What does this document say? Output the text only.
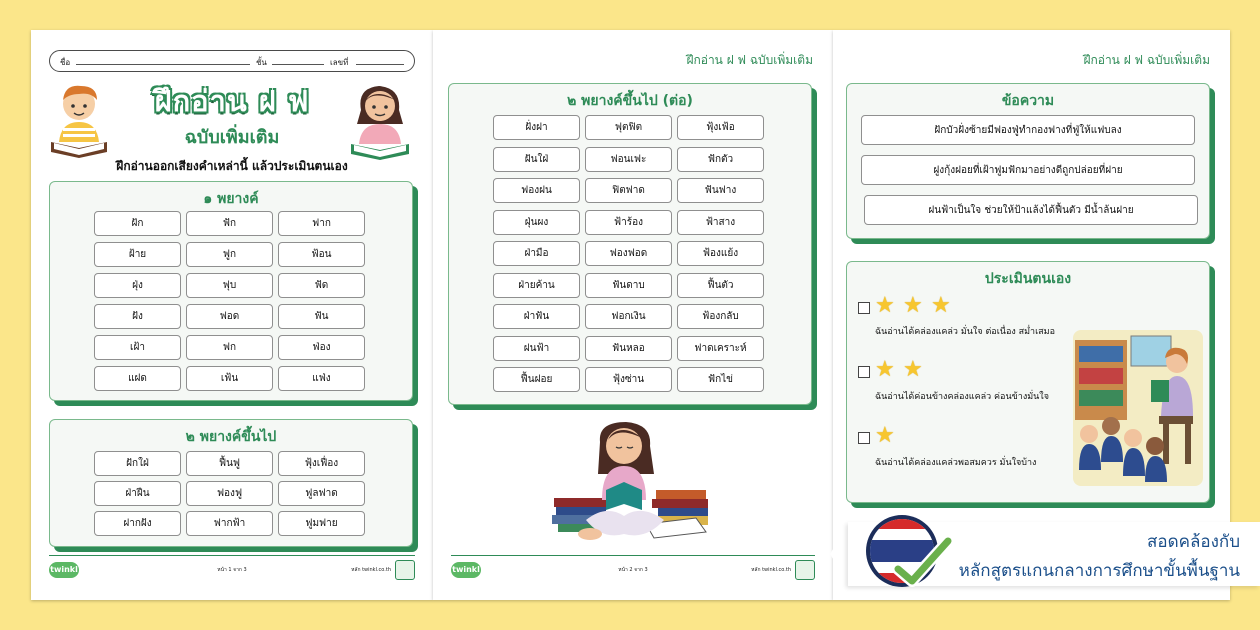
ชื่อ	ชั้น	เลขที่
ฝึกอ่าน ฝ ฟ
ฉบับเพิ่มเติม
ฝึกอ่านออกเสียงคำเหล่านี้ แล้วประเมินตนเอง
๑ พยางค์
ฝัก	ฟัก	ฟาก
ฝ้าย	ฟูก	ฟ้อน
ฝุ่ง	ฟุบ	ฟัด
ฝัง	ฟอด	ฟัน
เฝ้า	ฟก	ฟ่อง
แฝด	เฟ้น	แฟ่ง
๒ พยางค์ขึ้นไป
ฝักใฝ่	ฟื้นฟู	ฟุ้งเฟื่อง
ฝ่าฝืน	ฟองฟู	ฟูลฟาด
ฝากฝัง	ฟากฟ้า	ฟูมฟาย
twinkl	หน้า 1 จาก 3	หลัก twinkl.co.th
ฝึกอ่าน ฝ ฟ ฉบับเพิ่มเติม
๒ พยางค์ขึ้นไป (ต่อ)
ฝั่งฝา	ฟุตฟิต	ฟุ้งเฟ้อ
ฝันใฝ่	ฟอนเฟะ	ฟักตัว
ฟองฝน	ฟิตฟาด	ฟันฟาง
ฝุ่นผง	ฟ้าร้อง	ฟ้าสาง
ฝ่ามือ	ฟองฟอด	ฟ้องแย้ง
ฝ่ายค้าน	ฟันดาบ	ฟื้นตัว
ฝ่าฟัน	ฟอกเงิน	ฟ้องกลับ
ฝนฟ้า	ฟันหลอ	ฟาดเคราะห์
ฟื้นฝอย	ฟุ้งซ่าน	ฟักไข่
twinkl	หน้า 2 จาก 3	หลัก twinkl.co.th
ฝึกอ่าน ฝ ฟ ฉบับเพิ่มเติม
ข้อความ
ฝักบัวฝั่งซ้ายมีฟองฟู่ทำกองฟางที่ฟู่ให้แฟบลง
ฝูงกุ้งฝอยที่เฝ้าฟูมฟักมาอย่างดีถูกปล่อยที่ฝาย
ฝนฟ้าเป็นใจ ช่วยให้ป้าแล้งได้ฟื้นตัว มีน้ำล้นฝาย
ประเมินตนเอง
★ ★ ★
ฉันอ่านได้คล่องแคล่ว มั่นใจ ต่อเนื่อง สม่ำเสมอ
★ ★
ฉันอ่านได้ค่อนข้างคล่องแคล่ว ค่อนข้างมั่นใจ
★
ฉันอ่านได้คล่องแคล่วพอสมควร มั่นใจบ้าง
สอดคล้องกับ
หลักสูตรแกนกลางการศึกษาขั้นพื้นฐาน
